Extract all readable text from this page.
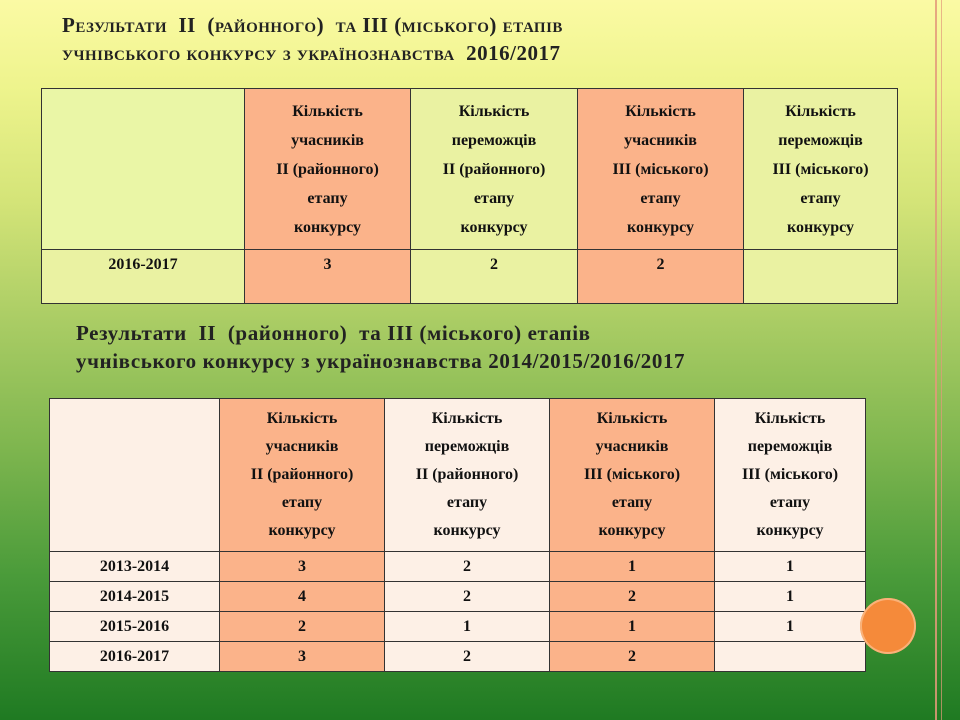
Результати  II  (районного)  та ІІІ (міського) етапів
учнівського конкурсу з українознавства  2016/2017

	Кількість
учасників
II (районного)
етапу
конкурсу	Кількість
переможців
II (районного)
етапу
конкурсу	Кількість
учасників
ІІІ (міського)
етапу
конкурсу	Кількість
переможців
ІІІ (міського)
етапу
конкурсу

2016-2017	3	2	2	
Результати  II  (районного)  та ІІІ (міського) етапів
учнівського конкурсу з українознавства 2014/2015/2016/2017

	Кількість
учасників
II (районного)
етапу
конкурсу	Кількість
переможців
II (районного)
етапу
конкурсу	Кількість
учасників
ІІІ (міського)
етапу
конкурсу	Кількість
переможців
ІІІ (міського)
етапу
конкурсу

2013-2014	3	2	1	1
2014-2015	4	2	2	1
2015-2016	2	1	1	1
2016-2017	3	2	2	
